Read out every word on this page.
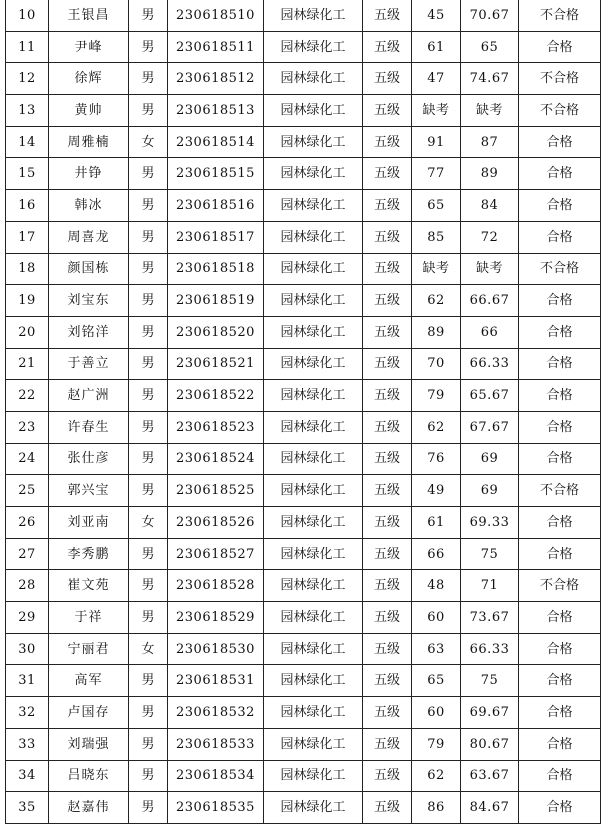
10	王银昌	男	230618510	园林绿化工	五级	45	70.67	不合格
11	尹峰	男	230618511	园林绿化工	五级	61	65	合格
12	徐辉	男	230618512	园林绿化工	五级	47	74.67	不合格
13	黄帅	男	230618513	园林绿化工	五级	缺考	缺考	不合格
14	周雅楠	女	230618514	园林绿化工	五级	91	87	合格
15	井铮	男	230618515	园林绿化工	五级	77	89	合格
16	韩冰	男	230618516	园林绿化工	五级	65	84	合格
17	周喜龙	男	230618517	园林绿化工	五级	85	72	合格
18	颜国栋	男	230618518	园林绿化工	五级	缺考	缺考	不合格
19	刘宝东	男	230618519	园林绿化工	五级	62	66.67	合格
20	刘铭洋	男	230618520	园林绿化工	五级	89	66	合格
21	于善立	男	230618521	园林绿化工	五级	70	66.33	合格
22	赵广洲	男	230618522	园林绿化工	五级	79	65.67	合格
23	许春生	男	230618523	园林绿化工	五级	62	67.67	合格
24	张仕彦	男	230618524	园林绿化工	五级	76	69	合格
25	郭兴宝	男	230618525	园林绿化工	五级	49	69	不合格
26	刘亚南	女	230618526	园林绿化工	五级	61	69.33	合格
27	李秀鹏	男	230618527	园林绿化工	五级	66	75	合格
28	崔文苑	男	230618528	园林绿化工	五级	48	71	不合格
29	于祥	男	230618529	园林绿化工	五级	60	73.67	合格
30	宁丽君	女	230618530	园林绿化工	五级	63	66.33	合格
31	高军	男	230618531	园林绿化工	五级	65	75	合格
32	卢国存	男	230618532	园林绿化工	五级	60	69.67	合格
33	刘瑞强	男	230618533	园林绿化工	五级	79	80.67	合格
34	吕晓东	男	230618534	园林绿化工	五级	62	63.67	合格
35	赵嘉伟	男	230618535	园林绿化工	五级	86	84.67	合格
